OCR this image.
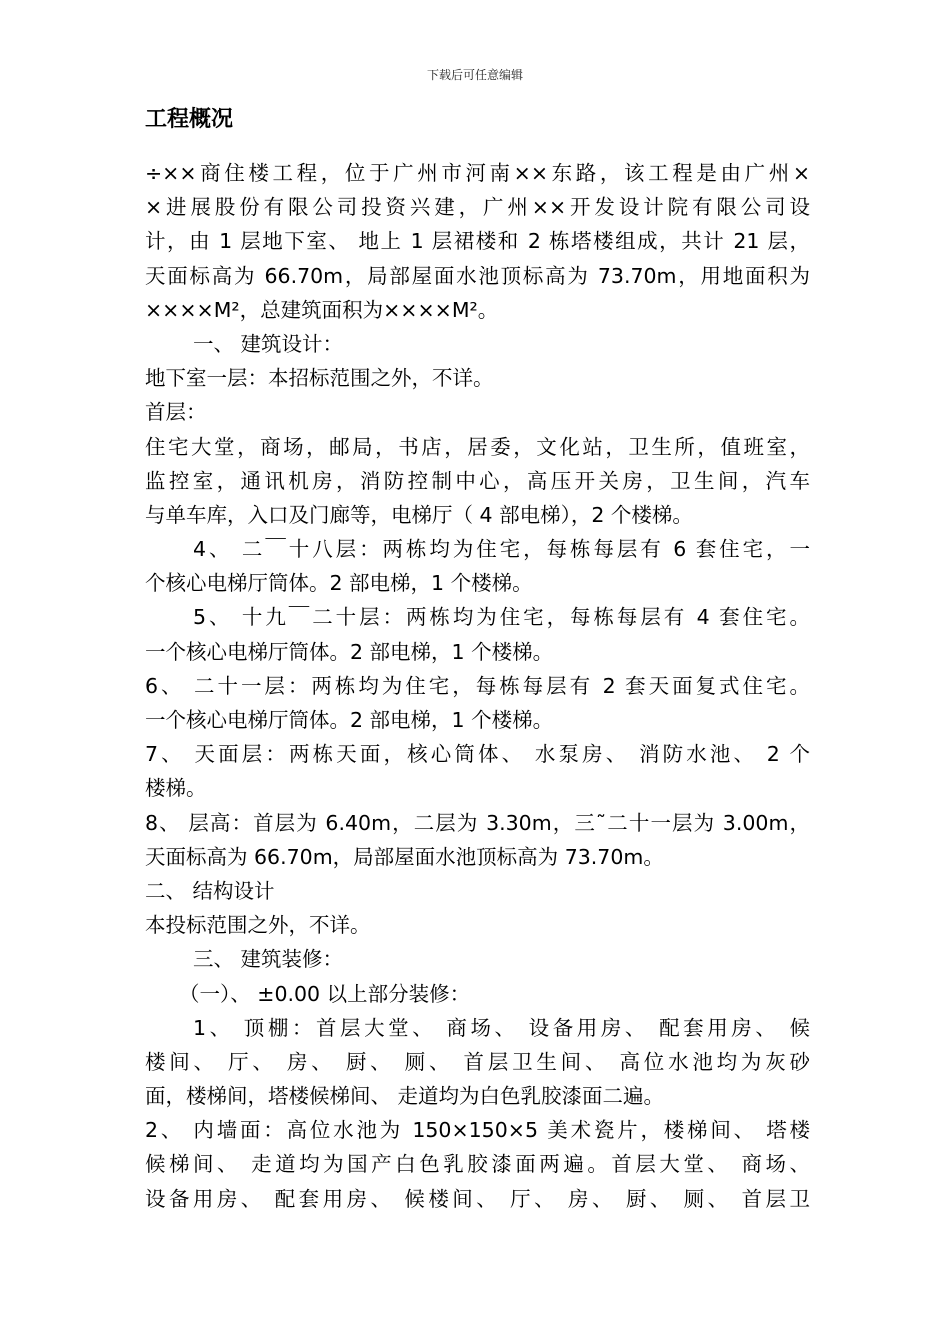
下载后可任意编辑
工程概况
÷××商住楼工程，位于广州市河南××东路，该工程是由广州×
×进展股份有限公司投资兴建，广州××开发设计院有限公司设
计，由 1 层地下室、 地上 1 层裙楼和 2 栋塔楼组成，共计 21 层，
天面标高为 66.70m，局部屋面水池顶标高为 73.70m，用地面积为
××××M²，总建筑面积为××××M²。
一、 建筑设计：
地下室一层：本招标范围之外，不详。
首层：
住宅大堂，商场，邮局，书店，居委，文化站，卫生所，值班室，
监控室，通讯机房，消防控制中心，高压开关房，卫生间，汽车
与单车库，入口及门廊等，电梯厅（ 4 部电梯），2 个楼梯。
4、 二￣十八层：两栋均为住宅，每栋每层有 6 套住宅，一
个核心电梯厅筒体。2 部电梯，1 个楼梯。
5、 十九￣二十层：两栋均为住宅，每栋每层有 4 套住宅。
一个核心电梯厅筒体。2 部电梯，1 个楼梯。
6、 二十一层：两栋均为住宅，每栋每层有 2 套天面复式住宅。
一个核心电梯厅筒体。2 部电梯，1 个楼梯。
7、 天面层：两栋天面，核心筒体、 水泵房、 消防水池、 2 个
楼梯。
8、 层高：首层为 6.40m，二层为 3.30m，三˜二十一层为 3.00m，
天面标高为 66.70m，局部屋面水池顶标高为 73.70m。
二、 结构设计
本投标范围之外，不详。
三、 建筑装修：
（一）、 ±0.00 以上部分装修：
1、 顶棚：首层大堂、 商场、 设备用房、 配套用房、 候
楼间、 厅、 房、 厨、 厕、 首层卫生间、 高位水池均为灰砂
面，楼梯间，塔楼候梯间、 走道均为白色乳胶漆面二遍。
2、 内墙面：高位水池为 150×150×5 美术瓷片，楼梯间、 塔楼
候梯间、 走道均为国产白色乳胶漆面两遍。首层大堂、 商场、
设备用房、 配套用房、 候楼间、 厅、 房、 厨、 厕、 首层卫
